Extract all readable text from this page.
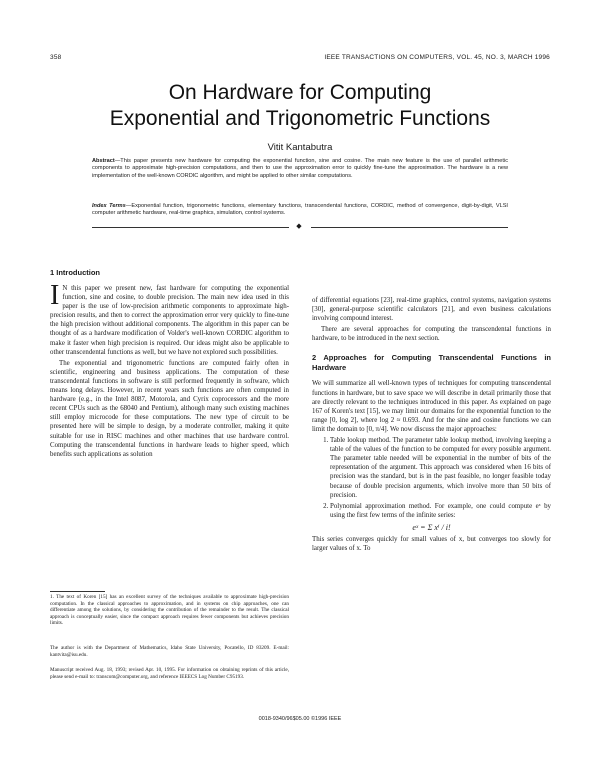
358	IEEE TRANSACTIONS ON COMPUTERS, VOL. 45, NO. 3, MARCH 1996
On Hardware for Computing
Exponential and Trigonometric Functions
Vitit Kantabutra
Abstract—This paper presents new hardware for computing the exponential function, sine and cosine. The main new feature is the use of parallel arithmetic components to approximate high-precision computations, and then to use the approximation error to quickly fine-tune the approximation. The hardware is a new implementation of the well-known CORDIC algorithm, and might be applied to other similar computations.
Index Terms—Exponential function, trigonometric functions, elementary functions, transcendental functions, CORDIC, method of convergence, digit-by-digit, VLSI computer arithmetic hardware, real-time graphics, simulation, control systems.
◆
1 Introduction

I N this paper we present new, fast hardware for computing the exponential function, sine and cosine, to double precision. The main new idea used in this paper is the use of low-precision arithmetic components to approximate high-precision results, and then to correct the approximation error very quickly to fine-tune the high precision without additional components. The algorithm in this paper can be thought of as a hardware modification of Volder's well-known CORDIC algorithm to make it faster when high precision is required. Our ideas might also be applicable to other transcendental functions as well, but we have not explored such possibilities.

The exponential and trigonometric functions are computed fairly often in scientific, engineering and business applications. The computation of these transcendental functions in software is still performed frequently in software, which means long delays. However, in recent years such functions are often computed in hardware (e.g., in the Intel 8087, Motorola, and Cyrix coprocessors and the more recent CPUs such as the 68040 and Pentium), although many such existing machines still employ microcode for these computations. The new type of circuit to be presented here will be simple to design, by a moderate controller, making it quite suitable for use in RISC machines and other machines that use hardware control. Computing the transcendental functions in hardware leads to higher speed, which benefits such applications as solution

of differential equations [23], real-time graphics, control systems, navigation systems [30], general-purpose scientific calculators [21], and even business calculations involving compound interest.

There are several approaches for computing the transcendental functions in hardware, to be introduced in the next section.

2 Approaches for Computing Transcendental Functions in Hardware

We will summarize all well-known types of techniques for computing transcendental functions in hardware, but to save space we will describe in detail primarily those that are directly relevant to the techniques introduced in this paper. As explained on page 167 of Koren's text [15], we may limit our domains for the exponential function to the range [0, log 2], where log 2 ≈ 0.693. And for the sine and cosine functions we can limit the domain to [0, π/4]. We now discuss the major approaches:

1. Table lookup method. The parameter table lookup method, involving keeping a table of the values of the function to be computed for every possible argument. The parameter table needed will be exponential in the number of bits of the representation of the argument. This approach was considered when 16 bits of precision was the standard, but is in the past feasible, no longer feasible today because of double precision arguments, which involve more than 50 bits of precision.
2. Polynomial approximation method. For example, one could compute eˣ by using the first few terms of the infinite series:
eˣ = Σ xⁱ / i!

This series converges quickly for small values of x, but converges too slowly for larger values of x. To

1. The text of Koren [15] has an excellent survey of the techniques available to approximate high-precision computation. In the classical approaches to approximation, and in systems on chip approaches, one can differentiate among the solutions, by considering the contribution of the remainder to the result. The classical approach is conceptually easier, since the compact approach requires fewer components but achieves precision limits.
The author is with the Department of Mathematics, Idaho State University, Pocatello, ID 83209. E-mail: kantvita@isu.edu.
Manuscript received Aug. 18, 1993; revised Apr. 10, 1995. For information on obtaining reprints of this article, please send e-mail to: transcom@computer.org, and reference IEEECS Log Number C95193.
0018-9340/96$05.00 ©1996 IEEE
